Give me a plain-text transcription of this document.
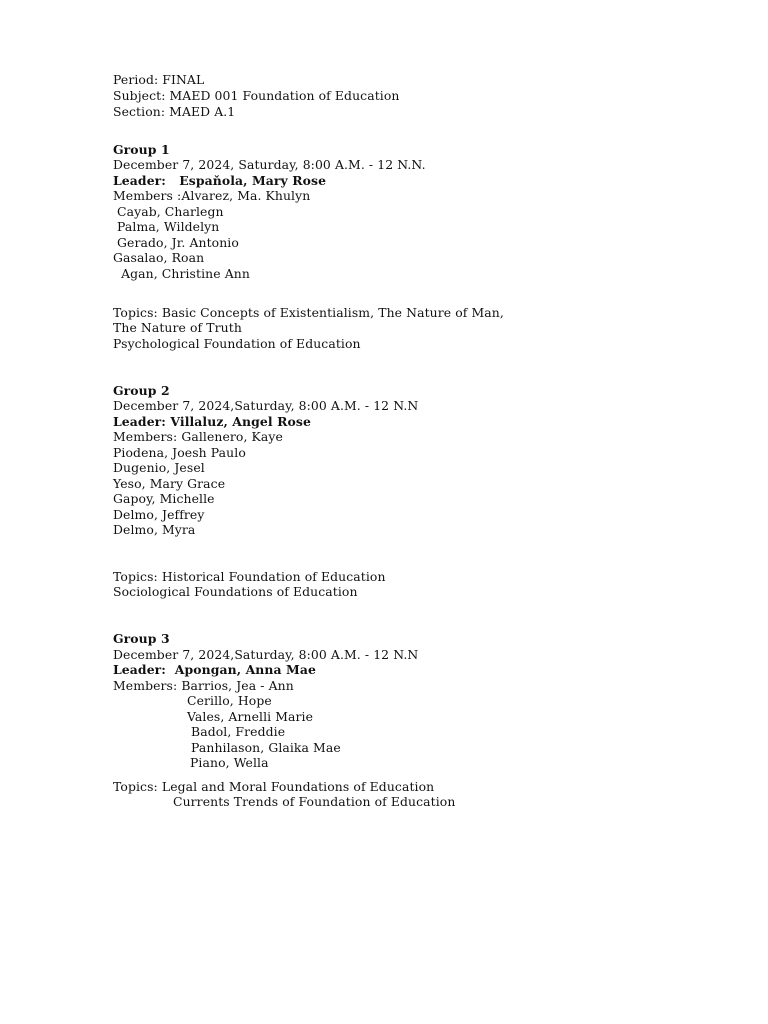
Period: FINAL
Subject: MAED 001 Foundation of Education
Section: MAED A.1
Group 1
December 7, 2024, Saturday, 8:00 A.M. - 12 N.N.
Leader:   Espaňola, Mary Rose
Members :Alvarez, Ma. Khulyn
Cayab, Charlegn
Palma, Wildelyn
Gerado, Jr. Antonio
Gasalao, Roan
Agan, Christine Ann
Topics: Basic Concepts of Existentialism, The Nature of Man,
The Nature of Truth
Psychological Foundation of Education
Group 2
December 7, 2024,Saturday, 8:00 A.M. - 12 N.N
Leader: Villaluz, Angel Rose
Members: Gallenero, Kaye
Piodena, Joesh Paulo
Dugenio, Jesel
Yeso, Mary Grace
Gapoy, Michelle
Delmo, Jeffrey
Delmo, Myra
Topics: Historical Foundation of Education
Sociological Foundations of Education
Group 3
December 7, 2024,Saturday, 8:00 A.M. - 12 N.N
Leader:  Apongan, Anna Mae
Members: Barrios, Jea - Ann
Cerillo, Hope
Vales, Arnelli Marie
Badol, Freddie
Panhilason, Glaika Mae
Piano, Wella
Topics: Legal and Moral Foundations of Education
Currents Trends of Foundation of Education
